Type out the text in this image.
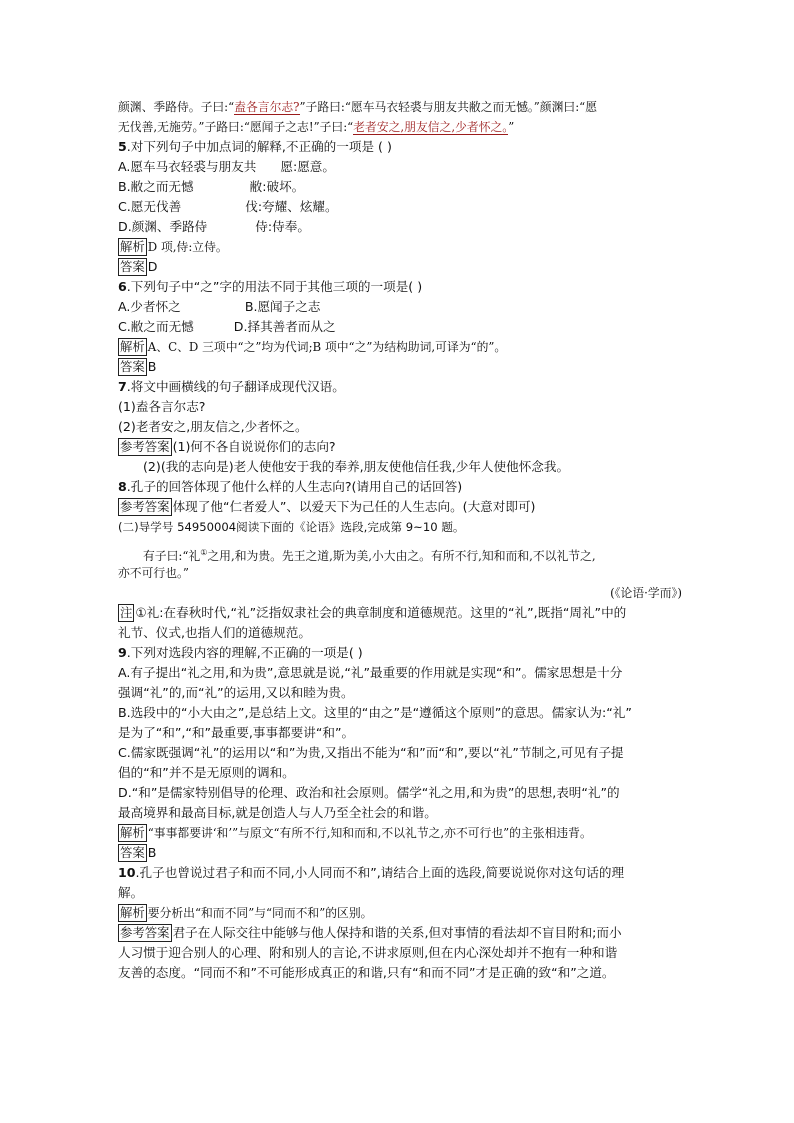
颜渊、季路侍。子曰:“盍各言尔志?”子路曰:“愿车马衣轻裘与朋友共敝之而无憾。”颜渊曰:“愿
无伐善,无施劳。”子路曰:“愿闻子之志!”子曰:“老者安之,朋友信之,少者怀之。”
5.对下列句子中加点词的解释,不正确的一项是 ( )
A.愿车马衣轻裘与朋友共      愿:愿意。
B.敝之而无憾              敝:破坏。
C.愿无伐善                伐:夸耀、炫耀。
D.颜渊、季路侍            侍:侍奉。
解析 D 项,侍:立侍。
答案 D
6.下列句子中“之”字的用法不同于其他三项的一项是( )
A.少者怀之                B.愿闻子之志
C.敝之而无憾          D.择其善者而从之
解析 A、C、D 三项中“之”均为代词;B 项中“之”为结构助词,可译为“的”。
答案 B
7.将文中画横线的句子翻译成现代汉语。
(1)盍各言尔志?
(2)老者安之,朋友信之,少者怀之。
参考答案 (1)何不各自说说你们的志向?
(2)(我的志向是)老人使他安于我的奉养,朋友使他信任我,少年人使他怀念我。
8.孔子的回答体现了他什么样的人生志向?(请用自己的话回答)
参考答案 体现了他“仁者爱人”、以爱天下为己任的人生志向。(大意对即可)
(二)导学号 54950004阅读下面的《论语》选段,完成第 9~10 题。
有子曰:“礼①之用,和为贵。先王之道,斯为美,小大由之。有所不行,知和而和,不以礼节之,
亦不可行也。”
(《论语·学而》)
注 ①礼:在春秋时代,“礼”泛指奴隶社会的典章制度和道德规范。这里的“礼”,既指“周礼”中的
礼节、仪式,也指人们的道德规范。
9.下列对选段内容的理解,不正确的一项是( )
A.有子提出“礼之用,和为贵”,意思就是说,“礼”最重要的作用就是实现“和”。儒家思想是十分
强调“礼”的,而“礼”的运用,又以和睦为贵。
B.选段中的“小大由之”,是总结上文。这里的“由之”是“遵循这个原则”的意思。儒家认为:“礼”
是为了“和”,“和”最重要,事事都要讲“和”。
C.儒家既强调“礼”的运用以“和”为贵,又指出不能为“和”而“和”,要以“礼”节制之,可见有子提
倡的“和”并不是无原则的调和。
D.“和”是儒家特别倡导的伦理、政治和社会原则。儒学“礼之用,和为贵”的思想,表明“礼”的
最高境界和最高目标,就是创造人与人乃至全社会的和谐。
解析 “事事都要讲‘和’”与原文“有所不行,知和而和,不以礼节之,亦不可行也”的主张相违背。
答案 B
10.孔子也曾说过君子和而不同,小人同而不和”,请结合上面的选段,简要说说你对这句话的理
解。
解析 要分析出“和而不同”与“同而不和”的区别。
参考答案 君子在人际交往中能够与他人保持和谐的关系,但对事情的看法却不盲目附和;而小
人习惯于迎合别人的心理、附和别人的言论,不讲求原则,但在内心深处却并不抱有一种和谐
友善的态度。“同而不和”不可能形成真正的和谐,只有“和而不同”才是正确的致“和”之道。
